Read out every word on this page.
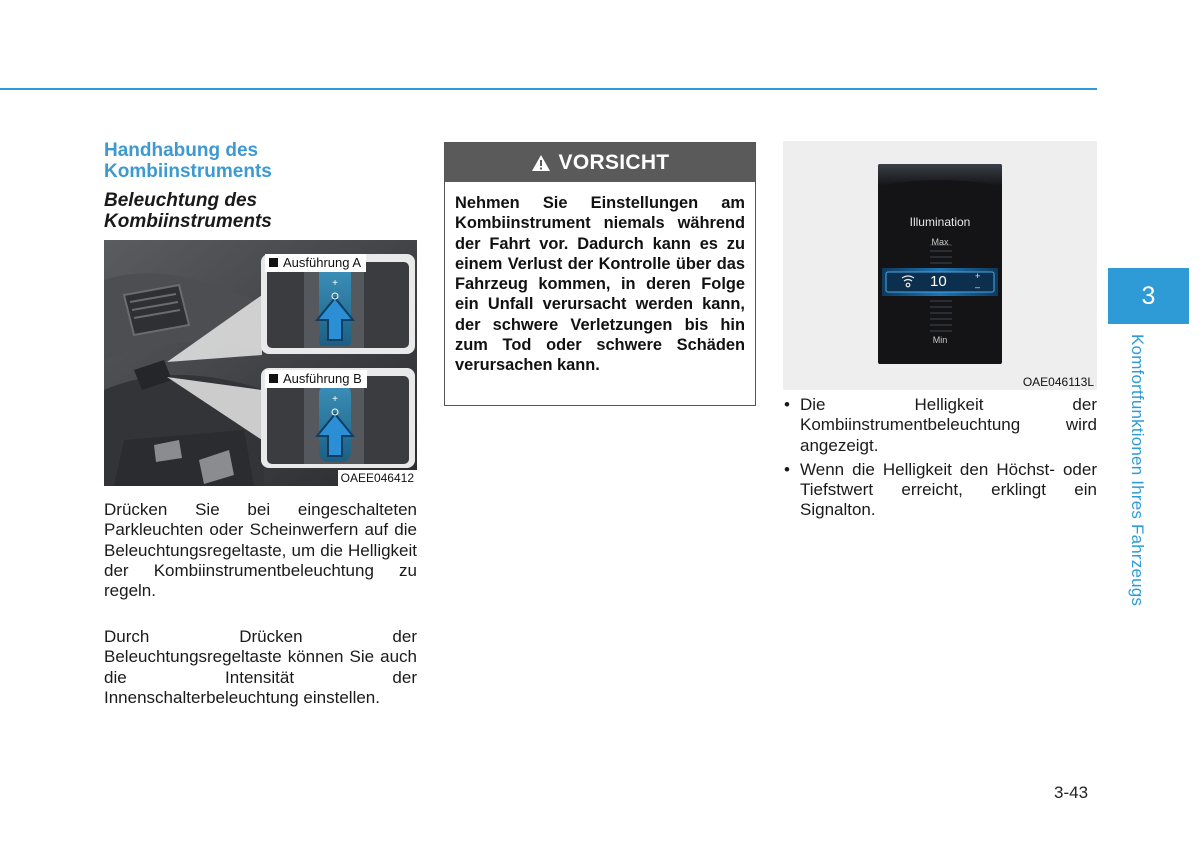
Handhabung des Kombiinstruments
Beleuchtung des Kombiinstruments
+
+
Ausführung A
Ausführung B
OAEE046412

Drücken Sie bei eingeschalteten Parkleuchten oder Scheinwerfern auf die Beleuchtungsregeltaste, um die Helligkeit der Kombiinstrumentbeleuchtung zu regeln.

Durch Drücken der Beleuchtungsregeltaste können Sie auch die Intensität der Innenschalterbeleuchtung einstellen.

VORSICHT

Nehmen Sie Einstellungen am Kombiinstrument niemals während der Fahrt vor. Dadurch kann es zu einem Verlust der Kontrolle über das Fahrzeug kommen, in deren Folge ein Unfall verursacht werden kann, der schwere Verletzungen bis hin zum Tod oder schwere Schäden verursachen kann.

+
–
Illumination
Max
10
Min
OAE046113L
• Die Helligkeit der Kombiinstrumentbeleuchtung wird angezeigt.
• Wenn die Helligkeit den Höchst- oder Tiefstwert erreicht, erklingt ein Signalton.
3
Komfortfunktionen Ihres Fahrzeugs
3-43
